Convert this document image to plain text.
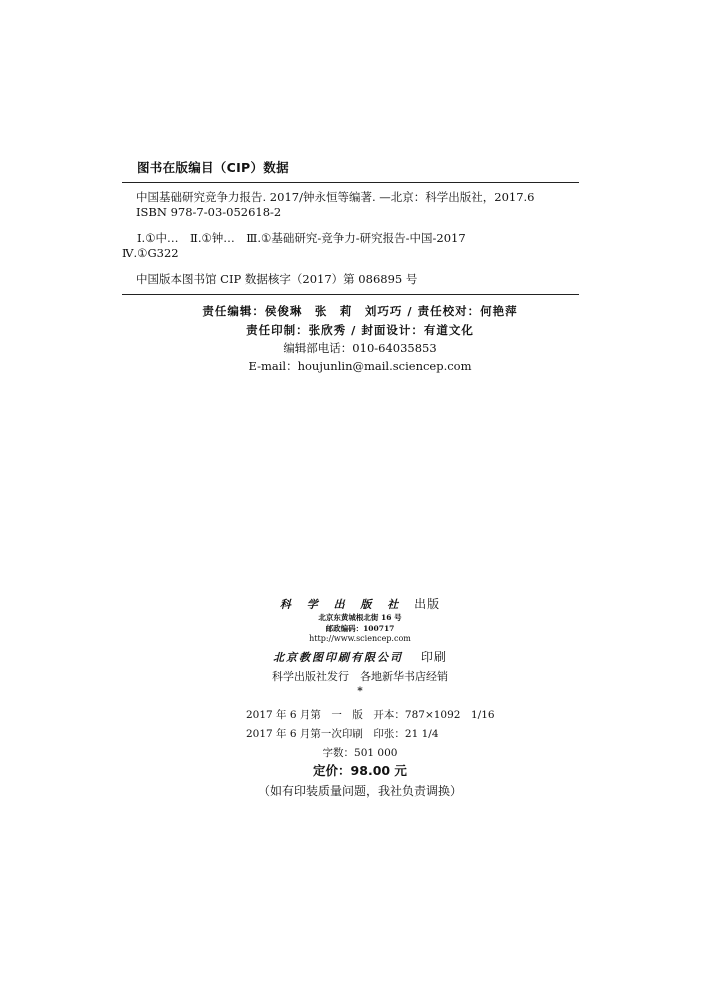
图书在版编目（CIP）数据
中国基础研究竞争力报告. 2017/钟永恒等编著. —北京：科学出版社，2017.6
ISBN 978-7-03-052618-2
Ⅰ.①中…　Ⅱ.①钟…　Ⅲ.①基础研究-竞争力-研究报告-中国-2017
Ⅳ.①G322
中国版本图书馆 CIP 数据核字（2017）第 086895 号
责任编辑：侯俊琳　张　莉　刘巧巧 / 责任校对：何艳萍
责任印制：张欣秀 / 封面设计：有道文化
编辑部电话：010-64035853
E-mail：houjunlin@mail.sciencep.com
科 学 出 版 社 出版
北京东黄城根北街 16 号
邮政编码：100717
http://www.sciencep.com
北京教图印刷有限公司 印刷
科学出版社发行　各地新华书店经销
*
2017 年 6 月第　一　版　开本：787×1092　1/16
2017 年 6 月第一次印刷　印张：21 1/4
字数：501 000
定价：98.00 元
（如有印装质量问题，我社负责调换）
